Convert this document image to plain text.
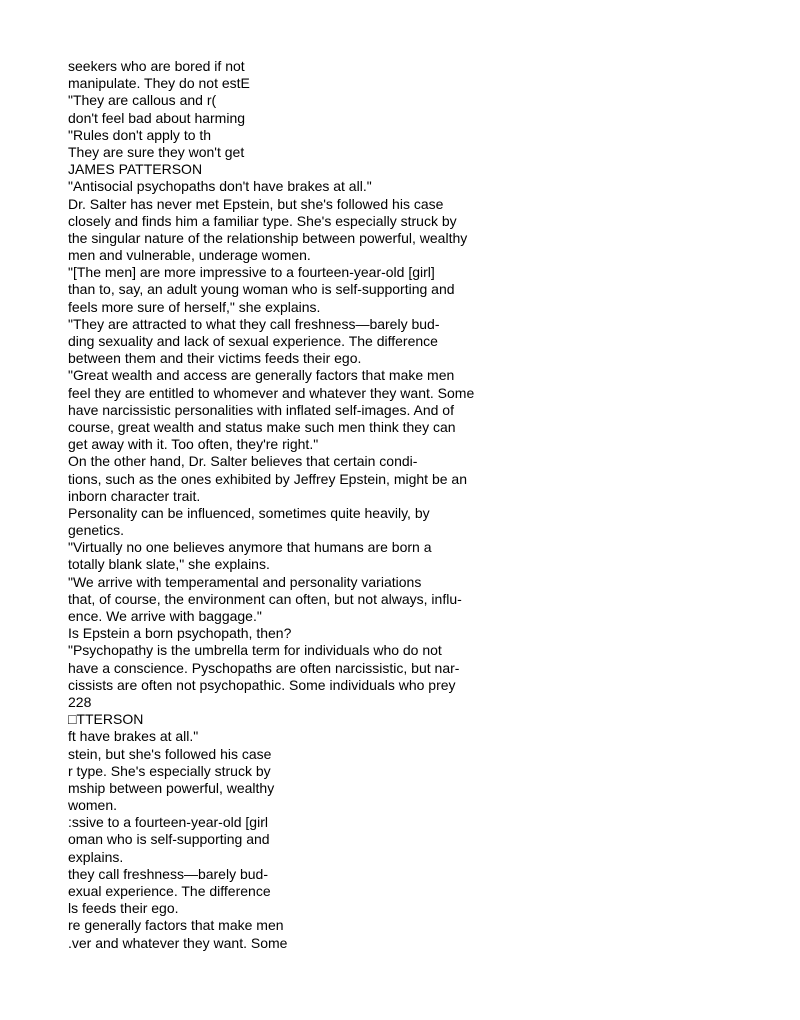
seekers who are bored if not
manipulate. They do not estE
"They are callous and r(
don't feel bad about harming
"Rules don't apply to th
They are sure they won't get
JAMES PATTERSON
"Antisocial psychopaths don't have brakes at all."
Dr. Salter has never met Epstein, but she's followed his case
closely and finds him a familiar type. She's especially struck by
the singular nature of the relationship between powerful, wealthy
men and vulnerable, underage women.
"[The men] are more impressive to a fourteen-year-old [girl]
than to, say, an adult young woman who is self-supporting and
feels more sure of herself," she explains.
"They are attracted to what they call freshness—barely bud-
ding sexuality and lack of sexual experience. The difference
between them and their victims feeds their ego.
"Great wealth and access are generally factors that make men
feel they are entitled to whomever and whatever they want. Some
have narcissistic personalities with inflated self-images. And of
course, great wealth and status make such men think they can
get away with it. Too often, they're right."
On the other hand, Dr. Salter believes that certain condi-
tions, such as the ones exhibited by Jeffrey Epstein, might be an
inborn character trait.
Personality can be influenced, sometimes quite heavily, by
genetics.
"Virtually no one believes anymore that humans are born a
totally blank slate," she explains.
"We arrive with temperamental and personality variations
that, of course, the environment can often, but not always, influ-
ence. We arrive with baggage."
Is Epstein a born psychopath, then?
"Psychopathy is the umbrella term for individuals who do not
have a conscience. Pyschopaths are often narcissistic, but nar-
cissists are often not psychopathic. Some individuals who prey
228
□TTERSON
ft have brakes at all."
stein, but she's followed his case
r type. She's especially struck by
mship between powerful, wealthy
women.
:ssive to a fourteen-year-old [girl
oman who is self-supporting and
explains.
they call freshness—barely bud-
exual experience. The difference
ls feeds their ego.
re generally factors that make men
.ver and whatever they want. Some
